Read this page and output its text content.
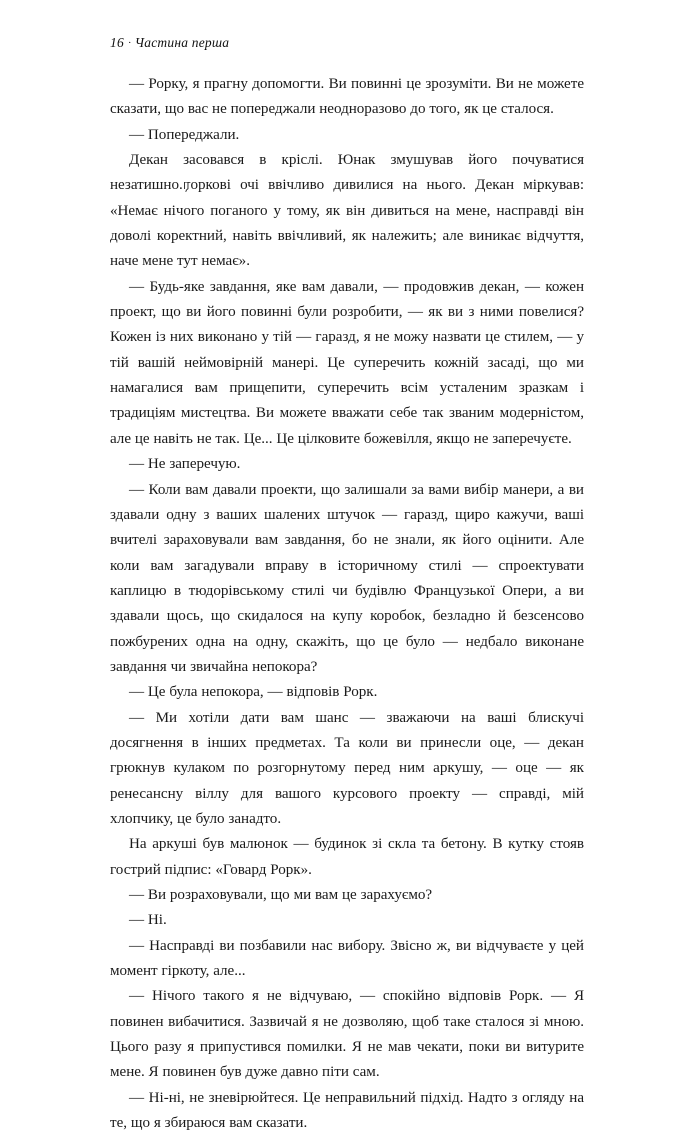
16 · Частина перша

— Рорку, я прагну допомогти. Ви повинні це зрозуміти. Ви не можете сказати, що вас не попереджали неодноразово до того, як це сталося.

— Попереджали.

Декан засовався в кріслі. Юнак змушував його почуватися незатишно.ரорковi очі ввічливо дивилися на нього. Декан міркував: «Немає нічого поганого у тому, як він дивиться на мене, насправді він доволі коректний, навіть ввічливий, як належить; але виникає відчуття, наче мене тут немає».

— Будь-яке завдання, яке вам давали, — продовжив декан, — кожен проект, що ви його повинні були розробити, — як ви з ними повелися? Кожен із них виконано у тій — гаразд, я не можу назвати це стилем, — у тій вашій неймовірній манері. Це суперечить кожній засаді, що ми намагалися вам прищепити, суперечить всім усталеним зразкам і традиціям мистецтва. Ви можете вважати себе так званим модерністом, але це навіть не так. Це... Це цілковите божевілля, якщо не заперечуєте.

— Не заперечую.

— Коли вам давали проекти, що залишали за вами вибір манери, а ви здавали одну з ваших шалених штучок — гаразд, щиро кажучи, ваші вчителі зараховували вам завдання, бо не знали, як його оцінити. Але коли вам загадували вправу в історичному стилі — спроектувати каплицю в тюдорівському стилі чи будівлю Французької Опери, а ви здавали щось, що скидалося на купу коробок, безладно й безсенсово пожбурених одна на одну, скажіть, що це було — недбало виконане завдання чи звичайна непокора?

— Це була непокора, — відповів Рорк.

— Ми хотіли дати вам шанс — зважаючи на ваші блискучі досягнення в інших предметах. Та коли ви принесли оце, — декан грюкнув кулаком по розгорнутому перед ним аркушу, — оце — як ренесансну віллу для вашого курсового проекту — справді, мій хлопчику, це було занадто.

На аркуші був малюнок — будинок зі скла та бетону. В кутку стояв гострий підпис: «Говард Рорк».

— Ви розраховували, що ми вам це зарахуємо?

— Ні.

— Насправді ви позбавили нас вибору. Звісно ж, ви відчуваєте у цей момент гіркоту, але...

— Нічого такого я не відчуваю, — спокійно відповів Рорк. — Я повинен вибачитися. Зазвичай я не дозволяю, щоб таке сталося зі мною. Цього разу я припустився помилки. Я не мав чекати, поки ви витурите мене. Я повинен був дуже давно піти сам.

— Ні-ні, не зневірюйтеся. Це неправильний підхід. Надто з огляду на те, що я збираюся вам сказати.
